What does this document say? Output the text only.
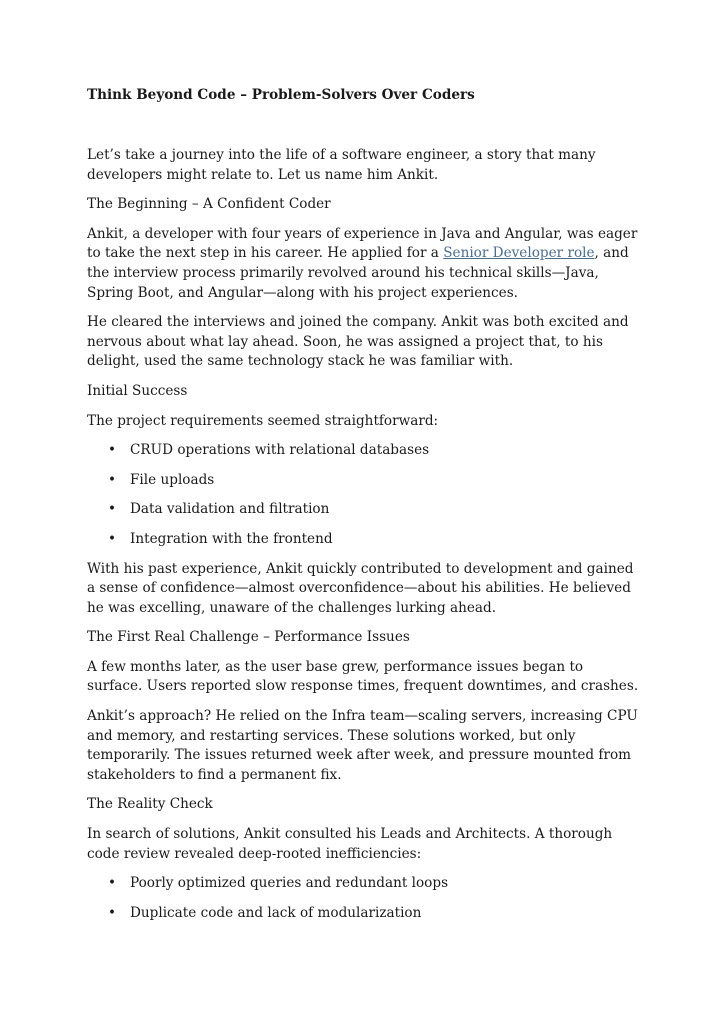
Think Beyond Code – Problem-Solvers Over Coders

Let’s take a journey into the life of a software engineer, a story that many developers might relate to. Let us name him Ankit.

The Beginning – A Confident Coder

Ankit, a developer with four years of experience in Java and Angular, was eager to take the next step in his career. He applied for a Senior Developer role, and the interview process primarily revolved around his technical skills—Java, Spring Boot, and Angular—along with his project experiences.

He cleared the interviews and joined the company. Ankit was both excited and nervous about what lay ahead. Soon, he was assigned a project that, to his delight, used the same technology stack he was familiar with.

Initial Success

The project requirements seemed straightforward:

• CRUD operations with relational databases
• File uploads
• Data validation and filtration
• Integration with the frontend

With his past experience, Ankit quickly contributed to development and gained a sense of confidence—almost overconfidence—about his abilities. He believed he was excelling, unaware of the challenges lurking ahead.

The First Real Challenge – Performance Issues

A few months later, as the user base grew, performance issues began to surface. Users reported slow response times, frequent downtimes, and crashes.

Ankit’s approach? He relied on the Infra team—scaling servers, increasing CPU and memory, and restarting services. These solutions worked, but only temporarily. The issues returned week after week, and pressure mounted from stakeholders to find a permanent fix.

The Reality Check

In search of solutions, Ankit consulted his Leads and Architects. A thorough code review revealed deep-rooted inefficiencies:

• Poorly optimized queries and redundant loops
• Duplicate code and lack of modularization
